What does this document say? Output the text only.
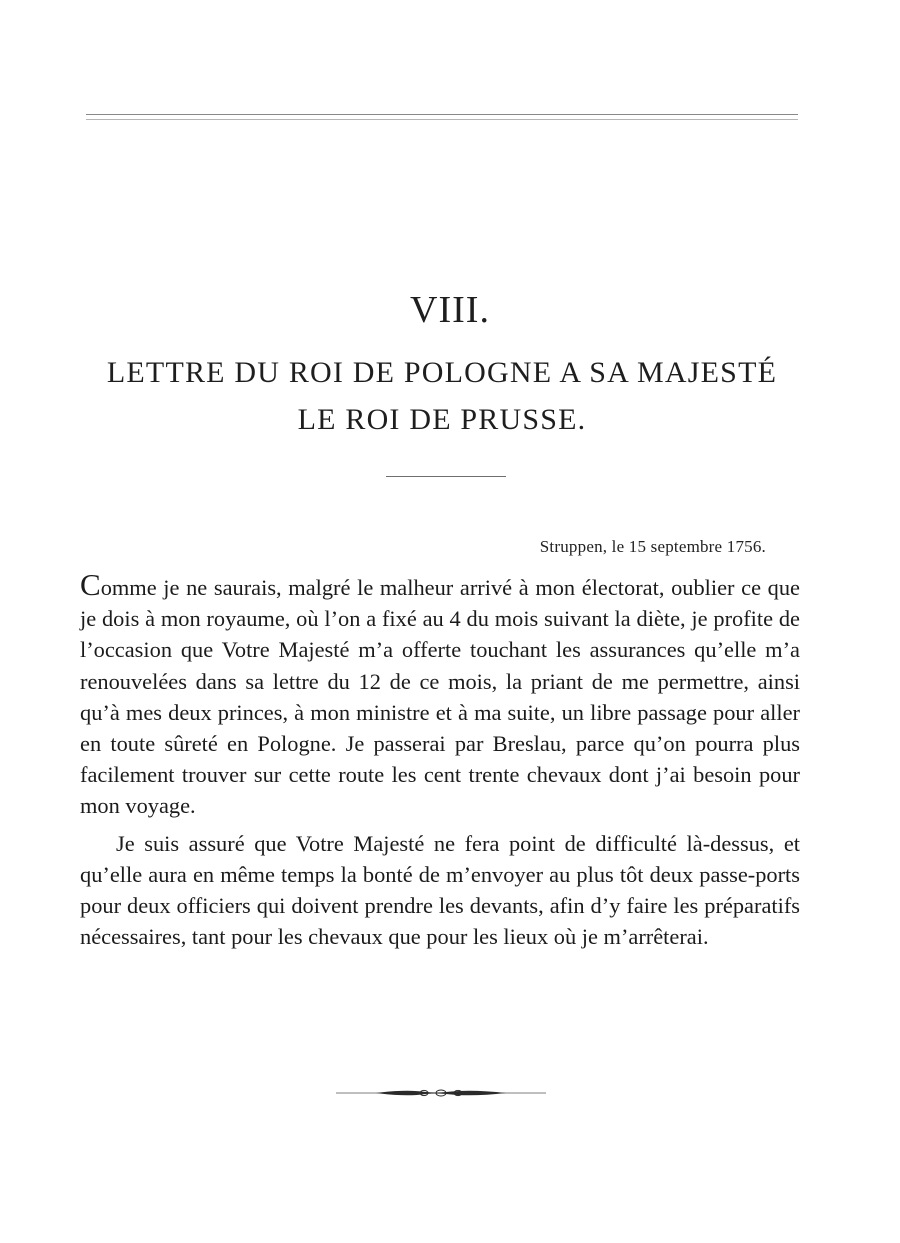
VIII.
LETTRE DU ROI DE POLOGNE A SA MAJESTÉ
LE ROI DE PRUSSE.
Struppen, le 15 septembre 1756.

Comme je ne saurais, malgré le malheur arrivé à mon électorat, oublier ce que je dois à mon royaume, où l’on a fixé au 4 du mois suivant la diète, je profite de l’occasion que Votre Majesté m’a offerte touchant les assurances qu’elle m’a renouvelées dans sa lettre du 12 de ce mois, la priant de me permettre, ainsi qu’à mes deux princes, à mon ministre et à ma suite, un libre passage pour aller en toute sûreté en Pologne. Je passerai par Breslau, parce qu’on pourra plus facilement trouver sur cette route les cent trente chevaux dont j’ai besoin pour mon voyage.

Je suis assuré que Votre Majesté ne fera point de difficulté là-dessus, et qu’elle aura en même temps la bonté de m’envoyer au plus tôt deux passe-ports pour deux officiers qui doivent prendre les devants, afin d’y faire les préparatifs nécessaires, tant pour les chevaux que pour les lieux où je m’arrêterai.
